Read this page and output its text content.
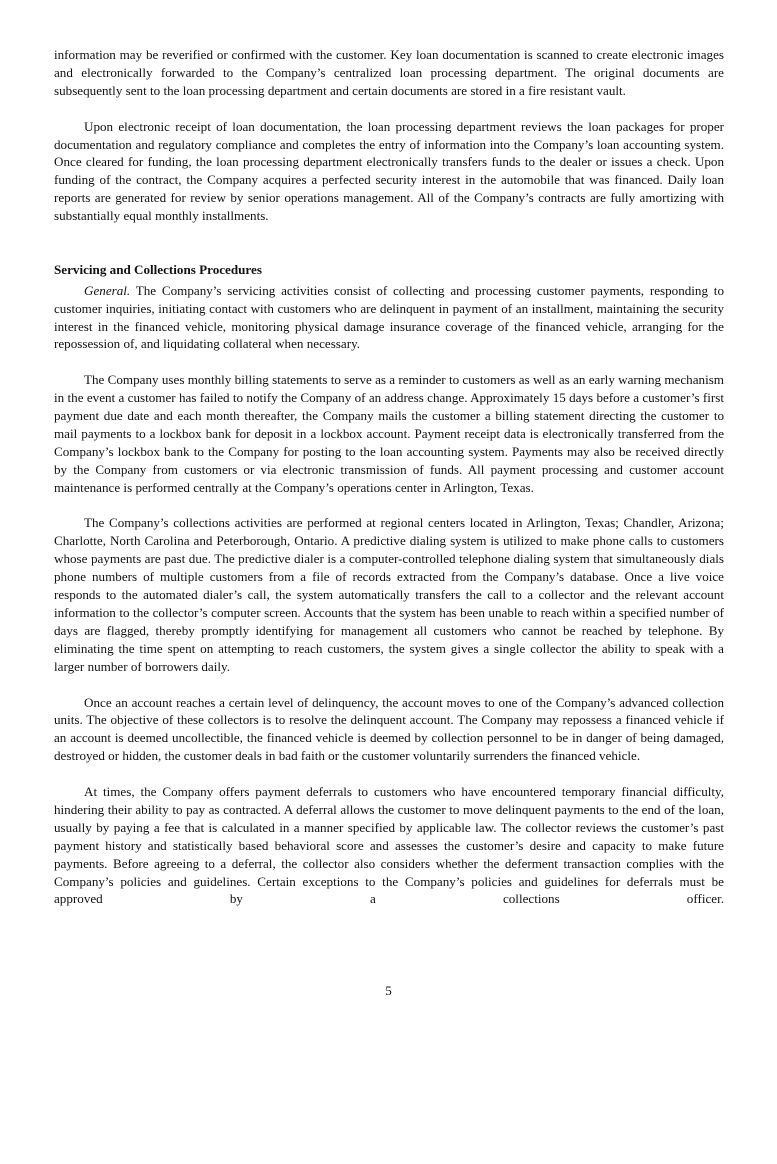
information may be reverified or confirmed with the customer. Key loan documentation is scanned to create electronic images and electronically forwarded to the Company’s centralized loan processing department. The original documents are subsequently sent to the loan processing department and certain documents are stored in a fire resistant vault.

Upon electronic receipt of loan documentation, the loan processing department reviews the loan packages for proper documentation and regulatory compliance and completes the entry of information into the Company’s loan accounting system. Once cleared for funding, the loan processing department electronically transfers funds to the dealer or issues a check. Upon funding of the contract, the Company acquires a perfected security interest in the automobile that was financed. Daily loan reports are generated for review by senior operations management. All of the Company’s contracts are fully amortizing with substantially equal monthly installments.

Servicing and Collections Procedures

General. The Company’s servicing activities consist of collecting and processing customer payments, responding to customer inquiries, initiating contact with customers who are delinquent in payment of an installment, maintaining the security interest in the financed vehicle, monitoring physical damage insurance coverage of the financed vehicle, arranging for the repossession of, and liquidating collateral when necessary.

The Company uses monthly billing statements to serve as a reminder to customers as well as an early warning mechanism in the event a customer has failed to notify the Company of an address change. Approximately 15 days before a customer’s first payment due date and each month thereafter, the Company mails the customer a billing statement directing the customer to mail payments to a lockbox bank for deposit in a lockbox account. Payment receipt data is electronically transferred from the Company’s lockbox bank to the Company for posting to the loan accounting system. Payments may also be received directly by the Company from customers or via electronic transmission of funds. All payment processing and customer account maintenance is performed centrally at the Company’s operations center in Arlington, Texas.

The Company’s collections activities are performed at regional centers located in Arlington, Texas; Chandler, Arizona; Charlotte, North Carolina and Peterborough, Ontario. A predictive dialing system is utilized to make phone calls to customers whose payments are past due. The predictive dialer is a computer-controlled telephone dialing system that simultaneously dials phone numbers of multiple customers from a file of records extracted from the Company’s database. Once a live voice responds to the automated dialer’s call, the system automatically transfers the call to a collector and the relevant account information to the collector’s computer screen. Accounts that the system has been unable to reach within a specified number of days are flagged, thereby promptly identifying for management all customers who cannot be reached by telephone. By eliminating the time spent on attempting to reach customers, the system gives a single collector the ability to speak with a larger number of borrowers daily.

Once an account reaches a certain level of delinquency, the account moves to one of the Company’s advanced collection units. The objective of these collectors is to resolve the delinquent account. The Company may repossess a financed vehicle if an account is deemed uncollectible, the financed vehicle is deemed by collection personnel to be in danger of being damaged, destroyed or hidden, the customer deals in bad faith or the customer voluntarily surrenders the financed vehicle.

At times, the Company offers payment deferrals to customers who have encountered temporary financial difficulty, hindering their ability to pay as contracted. A deferral allows the customer to move delinquent payments to the end of the loan, usually by paying a fee that is calculated in a manner specified by applicable law. The collector reviews the customer’s past payment history and statistically based behavioral score and assesses the customer’s desire and capacity to make future payments. Before agreeing to a deferral, the collector also considers whether the deferment transaction complies with the Company’s policies and guidelines. Certain exceptions to the Company’s policies and guidelines for deferrals must be approved by a collections officer.

5
